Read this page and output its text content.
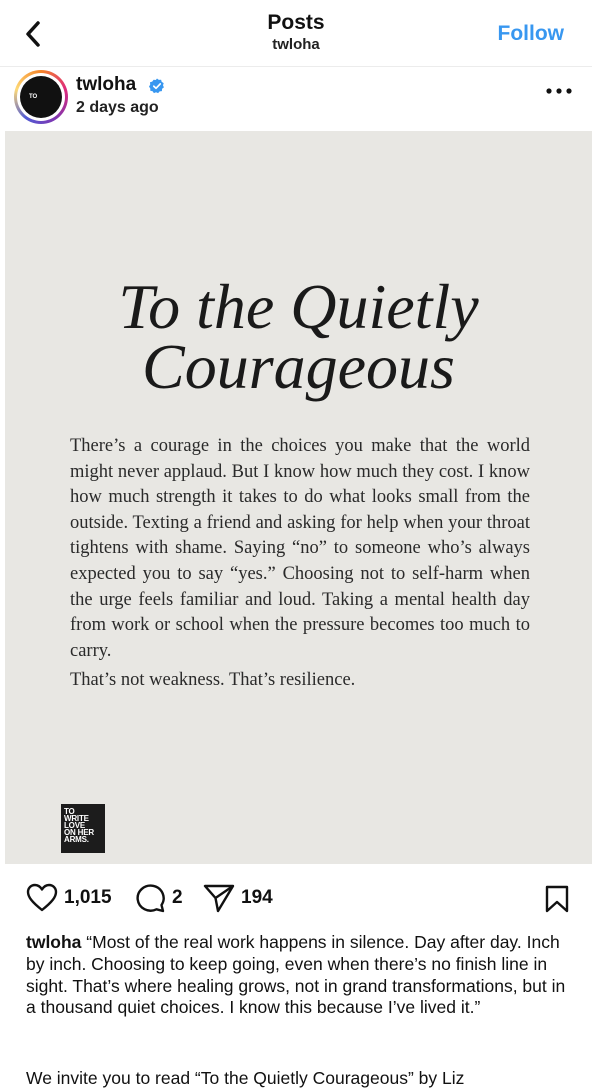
Posts
twloha	Follow
TO
twloha
2 days ago
To the Quietly
Courageous

There’s a courage in the choices you make that the world might never applaud. But I know how much they cost. I know how much strength it takes to do what looks small from the outside. Texting a friend and asking for help when your throat tightens with shame. Saying “no” to someone who’s always expected you to say “yes.” Choosing not to self-harm when the urge feels familiar and loud. Taking a mental health day from work or school when the pressure becomes too much to carry.

That’s not weakness. That’s resilience.

TO
WRITE
LOVE
ON HER
ARMS.
1,015	2	194
twloha “Most of the real work happens in silence. Day after day. Inch by inch. Choosing to keep going, even when there’s no finish line in sight. That’s where healing grows, not in grand transformations, but in a thousand quiet choices. I know this because I’ve lived it.”
We invite you to read “To the Quietly Courageous” by Liz
